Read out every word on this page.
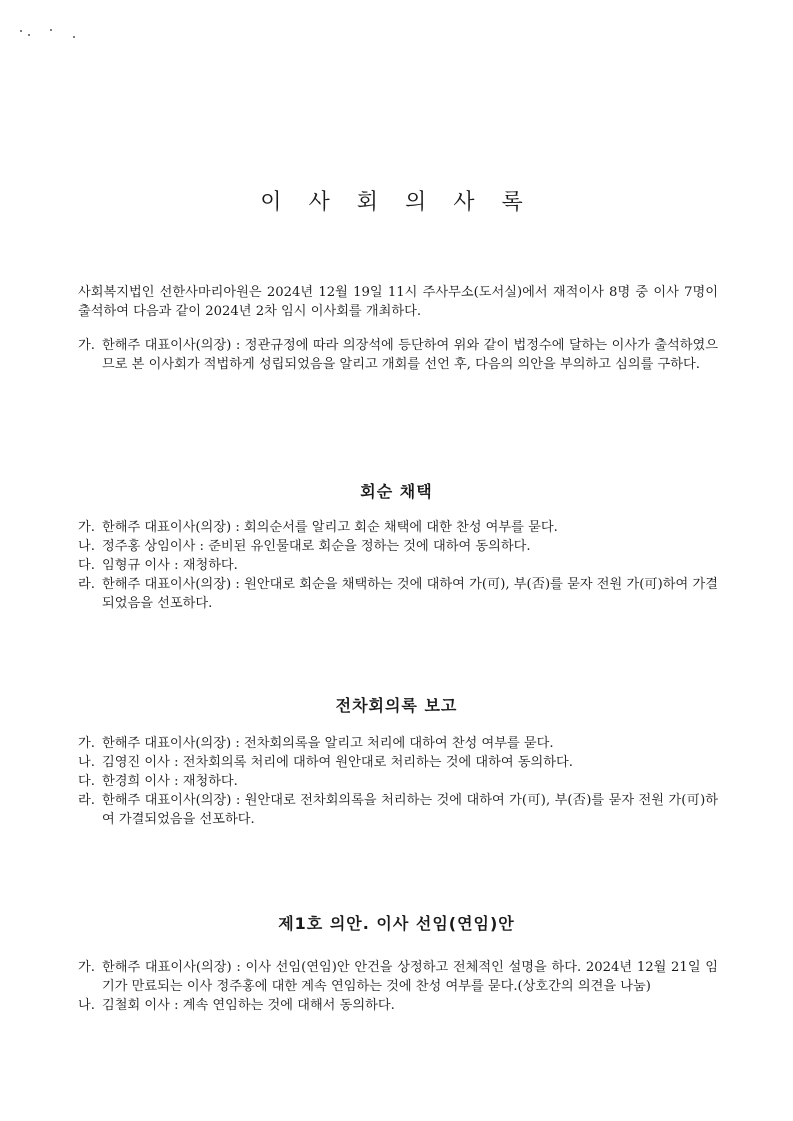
이 사 회 의 사 록

사회복지법인 선한사마리아원은 2024년 12월 19일 11시 주사무소(도서실)에서 재적이사 8명 중 이사 7명이 출석하여 다음과 같이 2024년 2차 임시 이사회를 개최하다.

가. 한해주 대표이사(의장) : 정관규정에 따라 의장석에 등단하여 위와 같이 법정수에 달하는 이사가 출석하였으므로 본 이사회가 적법하게 성립되었음을 알리고 개회를 선언 후, 다음의 의안을 부의하고 심의를 구하다.
회순 채택
가. 한해주 대표이사(의장) : 회의순서를 알리고 회순 채택에 대한 찬성 여부를 묻다.
나. 정주홍 상임이사 : 준비된 유인물대로 회순을 정하는 것에 대하여 동의하다.
다. 임형규 이사 : 재청하다.
라. 한해주 대표이사(의장) : 원안대로 회순을 채택하는 것에 대하여 가(可), 부(否)를 묻자 전원 가(可)하여 가결되었음을 선포하다.
전차회의록 보고
가. 한해주 대표이사(의장) : 전차회의록을 알리고 처리에 대하여 찬성 여부를 묻다.
나. 김영진 이사 : 전차회의록 처리에 대하여 원안대로 처리하는 것에 대하여 동의하다.
다. 한경희 이사 : 재청하다.
라. 한해주 대표이사(의장) : 원안대로 전차회의록을 처리하는 것에 대하여 가(可), 부(否)를 묻자 전원 가(可)하여 가결되었음을 선포하다.
제1호 의안. 이사 선임(연임)안
가. 한해주 대표이사(의장) : 이사 선임(연임)안 안건을 상정하고 전체적인 설명을 하다. 2024년 12월 21일 임기가 만료되는 이사 정주홍에 대한 계속 연임하는 것에 찬성 여부를 묻다.(상호간의 의견을 나눔)
나. 김철회 이사 : 계속 연임하는 것에 대해서 동의하다.
